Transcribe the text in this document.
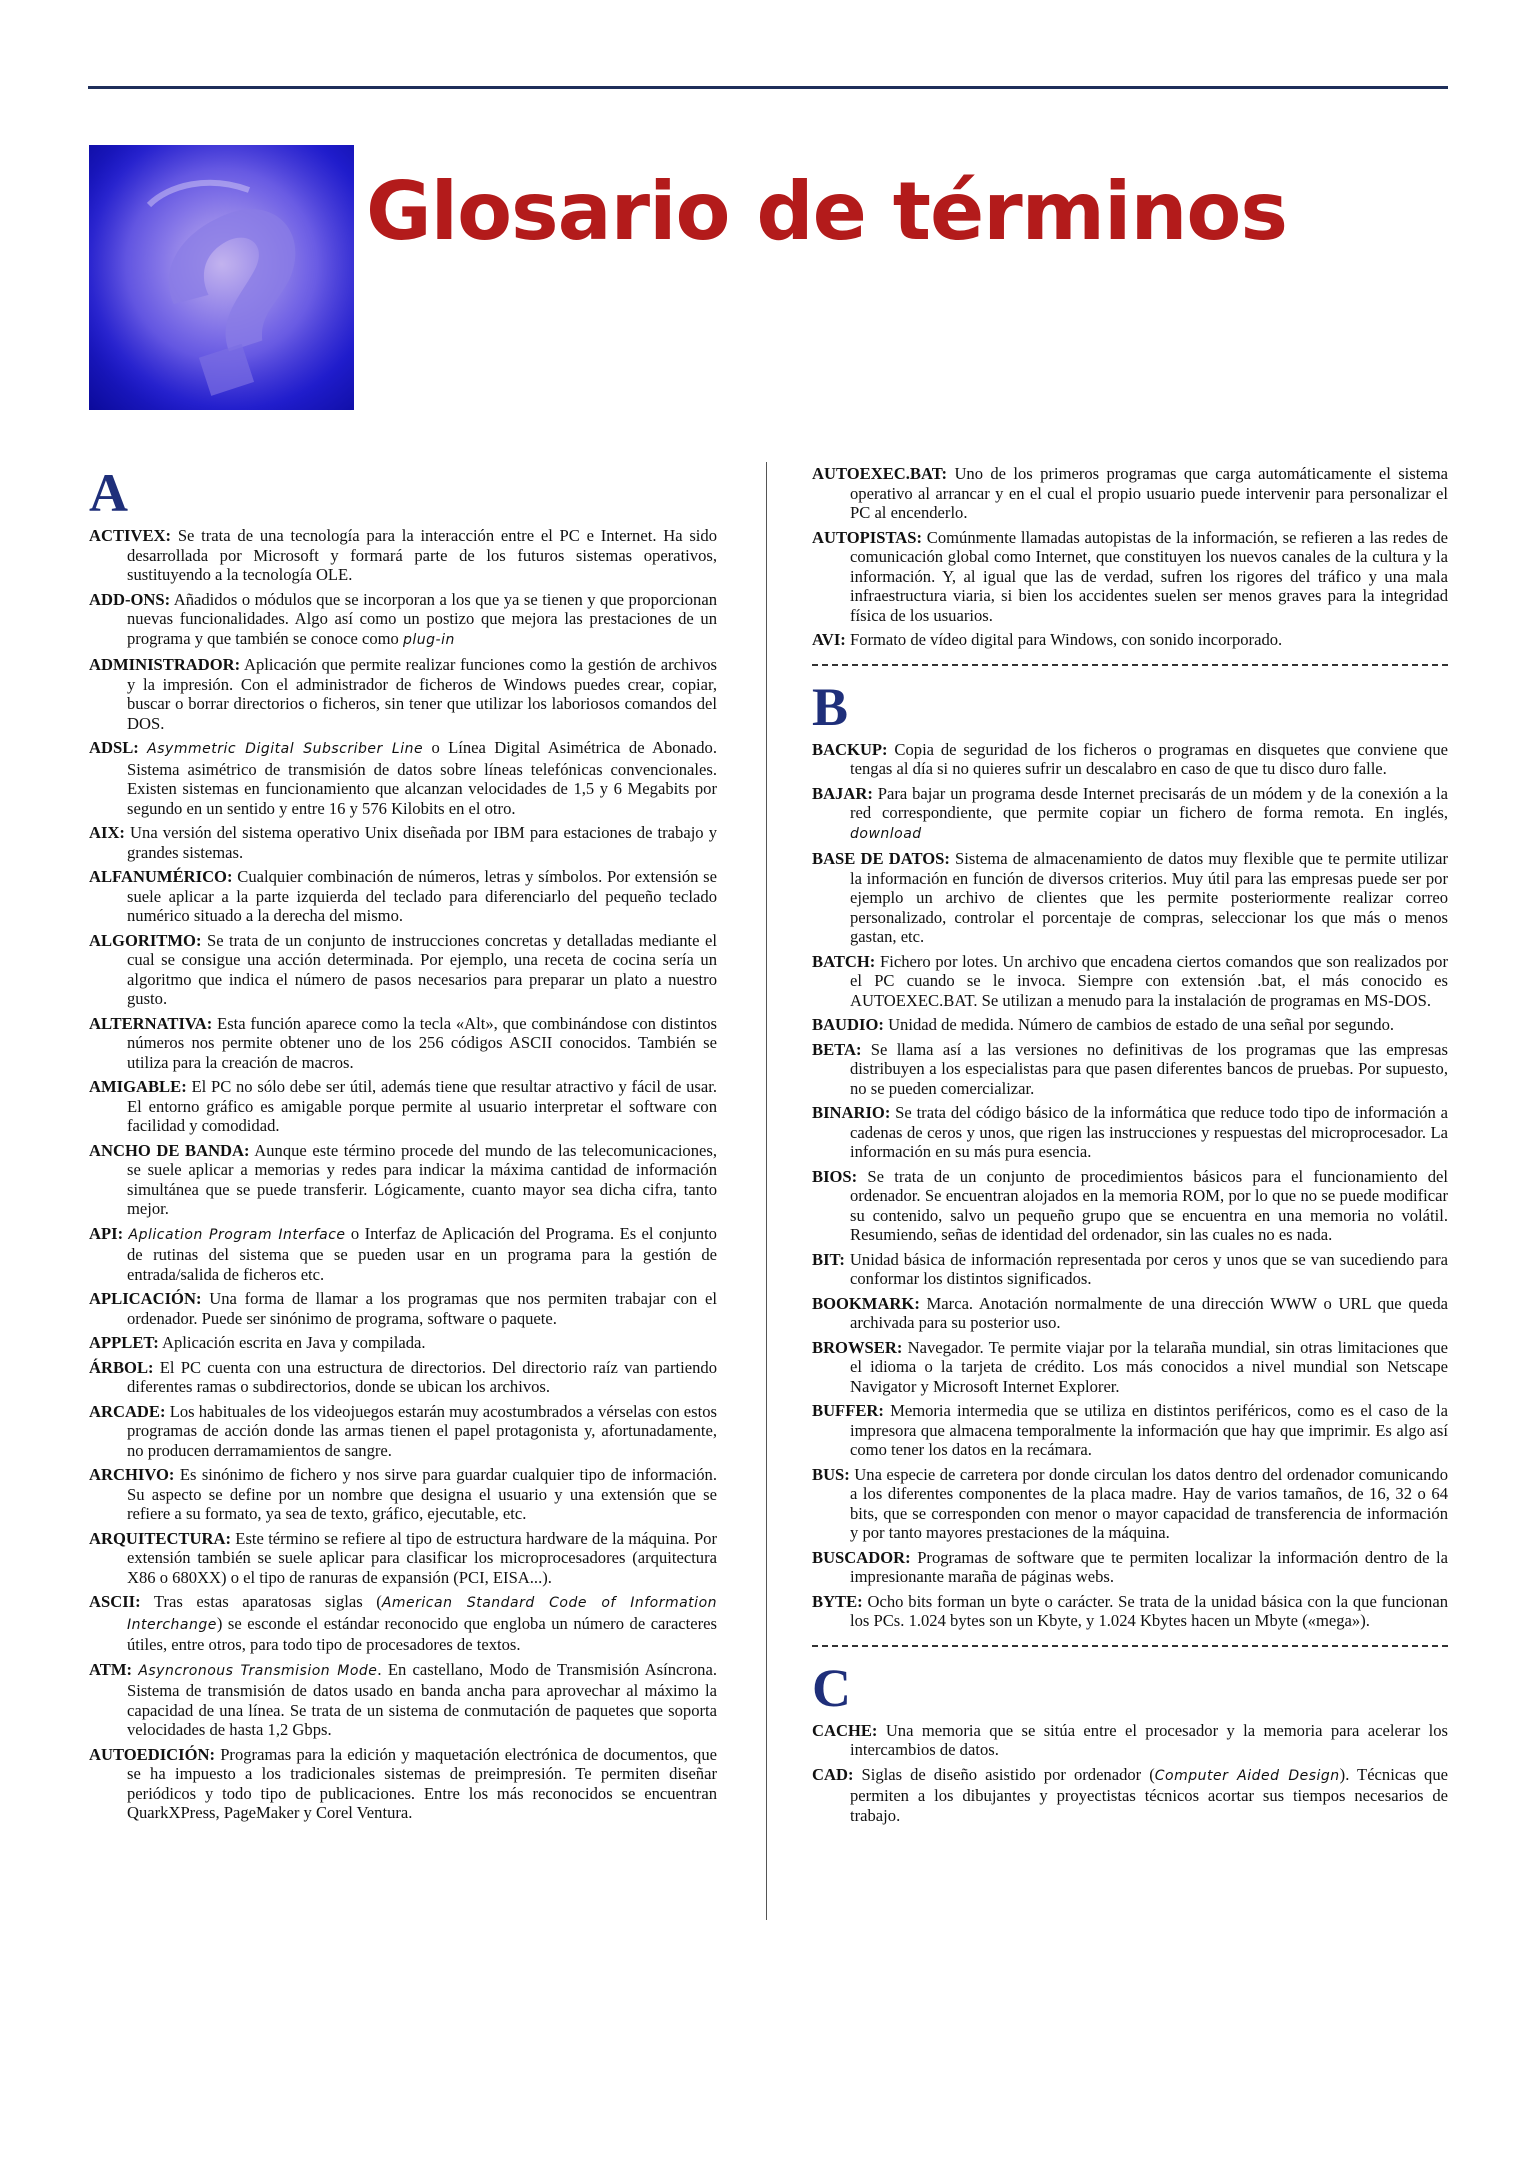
Glosario de términos
A

ACTIVEX: Se trata de una tecnología para la interacción entre el PC e Internet. Ha sido desarrollada por Microsoft y formará parte de los futuros sistemas operativos, sustituyendo a la tecnología OLE.

ADD-ONS: Añadidos o módulos que se incorporan a los que ya se tienen y que proporcionan nuevas funcionalidades. Algo así como un postizo que mejora las prestaciones de un programa y que también se conoce como plug-in

ADMINISTRADOR: Aplicación que permite realizar funciones como la gestión de archivos y la impresión. Con el administrador de ficheros de Windows puedes crear, copiar, buscar o borrar directorios o ficheros, sin tener que utilizar los laboriosos comandos del DOS.

ADSL: Asymmetric Digital Subscriber Line o Línea Digital Asimétrica de Abonado. Sistema asimétrico de transmisión de datos sobre líneas telefónicas convencionales. Existen sistemas en funcionamiento que alcanzan velocidades de 1,5 y 6 Megabits por segundo en un sentido y entre 16 y 576 Kilobits en el otro.

AIX: Una versión del sistema operativo Unix diseñada por IBM para estaciones de trabajo y grandes sistemas.

ALFANUMÉRICO: Cualquier combinación de números, letras y símbolos. Por extensión se suele aplicar a la parte izquierda del teclado para diferenciarlo del pequeño teclado numérico situado a la derecha del mismo.

ALGORITMO: Se trata de un conjunto de instrucciones concretas y detalladas mediante el cual se consigue una acción determinada. Por ejemplo, una receta de cocina sería un algoritmo que indica el número de pasos necesarios para preparar un plato a nuestro gusto.

ALTERNATIVA: Esta función aparece como la tecla «Alt», que combinándose con distintos números nos permite obtener uno de los 256 códigos ASCII conocidos. También se utiliza para la creación de macros.

AMIGABLE: El PC no sólo debe ser útil, además tiene que resultar atractivo y fácil de usar. El entorno gráfico es amigable porque permite al usuario interpretar el software con facilidad y comodidad.

ANCHO DE BANDA: Aunque este término procede del mundo de las telecomunicaciones, se suele aplicar a memorias y redes para indicar la máxima cantidad de información simultánea que se puede transferir. Lógicamente, cuanto mayor sea dicha cifra, tanto mejor.

API: Aplication Program Interface o Interfaz de Aplicación del Programa. Es el conjunto de rutinas del sistema que se pueden usar en un programa para la gestión de entrada/salida de ficheros etc.

APLICACIÓN: Una forma de llamar a los programas que nos permiten trabajar con el ordenador. Puede ser sinónimo de programa, software o paquete.

APPLET: Aplicación escrita en Java y compilada.

ÁRBOL: El PC cuenta con una estructura de directorios. Del directorio raíz van partiendo diferentes ramas o subdirectorios, donde se ubican los archivos.

ARCADE: Los habituales de los videojuegos estarán muy acostumbrados a vérselas con estos programas de acción donde las armas tienen el papel protagonista y, afortunadamente, no producen derramamientos de sangre.

ARCHIVO: Es sinónimo de fichero y nos sirve para guardar cualquier tipo de información. Su aspecto se define por un nombre que designa el usuario y una extensión que se refiere a su formato, ya sea de texto, gráfico, ejecutable, etc.

ARQUITECTURA: Este término se refiere al tipo de estructura hardware de la máquina. Por extensión también se suele aplicar para clasificar los microprocesadores (arquitectura X86 o 680XX) o el tipo de ranuras de expansión (PCI, EISA...).

ASCII: Tras estas aparatosas siglas (American Standard Code of Information Interchange) se esconde el estándar reconocido que engloba un número de caracteres útiles, entre otros, para todo tipo de procesadores de textos.

ATM: Asyncronous Transmision Mode. En castellano, Modo de Transmisión Asíncrona. Sistema de transmisión de datos usado en banda ancha para aprovechar al máximo la capacidad de una línea. Se trata de un sistema de conmutación de paquetes que soporta velocidades de hasta 1,2 Gbps.

AUTOEDICIÓN: Programas para la edición y maquetación electrónica de documentos, que se ha impuesto a los tradicionales sistemas de preimpresión. Te permiten diseñar periódicos y todo tipo de publicaciones. Entre los más reconocidos se encuentran QuarkXPress, PageMaker y Corel Ventura.

AUTOEXEC.BAT: Uno de los primeros programas que carga automáticamente el sistema operativo al arrancar y en el cual el propio usuario puede intervenir para personalizar el PC al encenderlo.

AUTOPISTAS: Comúnmente llamadas autopistas de la información, se refieren a las redes de comunicación global como Internet, que constituyen los nuevos canales de la cultura y la información. Y, al igual que las de verdad, sufren los rigores del tráfico y una mala infraestructura viaria, si bien los accidentes suelen ser menos graves para la integridad física de los usuarios.

AVI: Formato de vídeo digital para Windows, con sonido incorporado.

B

BACKUP: Copia de seguridad de los ficheros o programas en disquetes que conviene que tengas al día si no quieres sufrir un descalabro en caso de que tu disco duro falle.

BAJAR: Para bajar un programa desde Internet precisarás de un módem y de la conexión a la red correspondiente, que permite copiar un fichero de forma remota. En inglés, download

BASE DE DATOS: Sistema de almacenamiento de datos muy flexible que te permite utilizar la información en función de diversos criterios. Muy útil para las empresas puede ser por ejemplo un archivo de clientes que les permite posteriormente realizar correo personalizado, controlar el porcentaje de compras, seleccionar los que más o menos gastan, etc.

BATCH: Fichero por lotes. Un archivo que encadena ciertos comandos que son realizados por el PC cuando se le invoca. Siempre con extensión .bat, el más conocido es AUTOEXEC.BAT. Se utilizan a menudo para la instalación de programas en MS-DOS.

BAUDIO: Unidad de medida. Número de cambios de estado de una señal por segundo.

BETA: Se llama así a las versiones no definitivas de los programas que las empresas distribuyen a los especialistas para que pasen diferentes bancos de pruebas. Por supuesto, no se pueden comercializar.

BINARIO: Se trata del código básico de la informática que reduce todo tipo de información a cadenas de ceros y unos, que rigen las instrucciones y respuestas del microprocesador. La información en su más pura esencia.

BIOS: Se trata de un conjunto de procedimientos básicos para el funcionamiento del ordenador. Se encuentran alojados en la memoria ROM, por lo que no se puede modificar su contenido, salvo un pequeño grupo que se encuentra en una memoria no volátil. Resumiendo, señas de identidad del ordenador, sin las cuales no es nada.

BIT: Unidad básica de información representada por ceros y unos que se van sucediendo para conformar los distintos significados.

BOOKMARK: Marca. Anotación normalmente de una dirección WWW o URL que queda archivada para su posterior uso.

BROWSER: Navegador. Te permite viajar por la telaraña mundial, sin otras limitaciones que el idioma o la tarjeta de crédito. Los más conocidos a nivel mundial son Netscape Navigator y Microsoft Internet Explorer.

BUFFER: Memoria intermedia que se utiliza en distintos periféricos, como es el caso de la impresora que almacena temporalmente la información que hay que imprimir. Es algo así como tener los datos en la recámara.

BUS: Una especie de carretera por donde circulan los datos dentro del ordenador comunicando a los diferentes componentes de la placa madre. Hay de varios tamaños, de 16, 32 o 64 bits, que se corresponden con menor o mayor capacidad de transferencia de información y por tanto mayores prestaciones de la máquina.

BUSCADOR: Programas de software que te permiten localizar la información dentro de la impresionante maraña de páginas webs.

BYTE: Ocho bits forman un byte o carácter. Se trata de la unidad básica con la que funcionan los PCs. 1.024 bytes son un Kbyte, y 1.024 Kbytes hacen un Mbyte («mega»).

C

CACHE: Una memoria que se sitúa entre el procesador y la memoria para acelerar los intercambios de datos.

CAD: Siglas de diseño asistido por ordenador (Computer Aided Design). Técnicas que permiten a los dibujantes y proyectistas técnicos acortar sus tiempos necesarios de trabajo.
